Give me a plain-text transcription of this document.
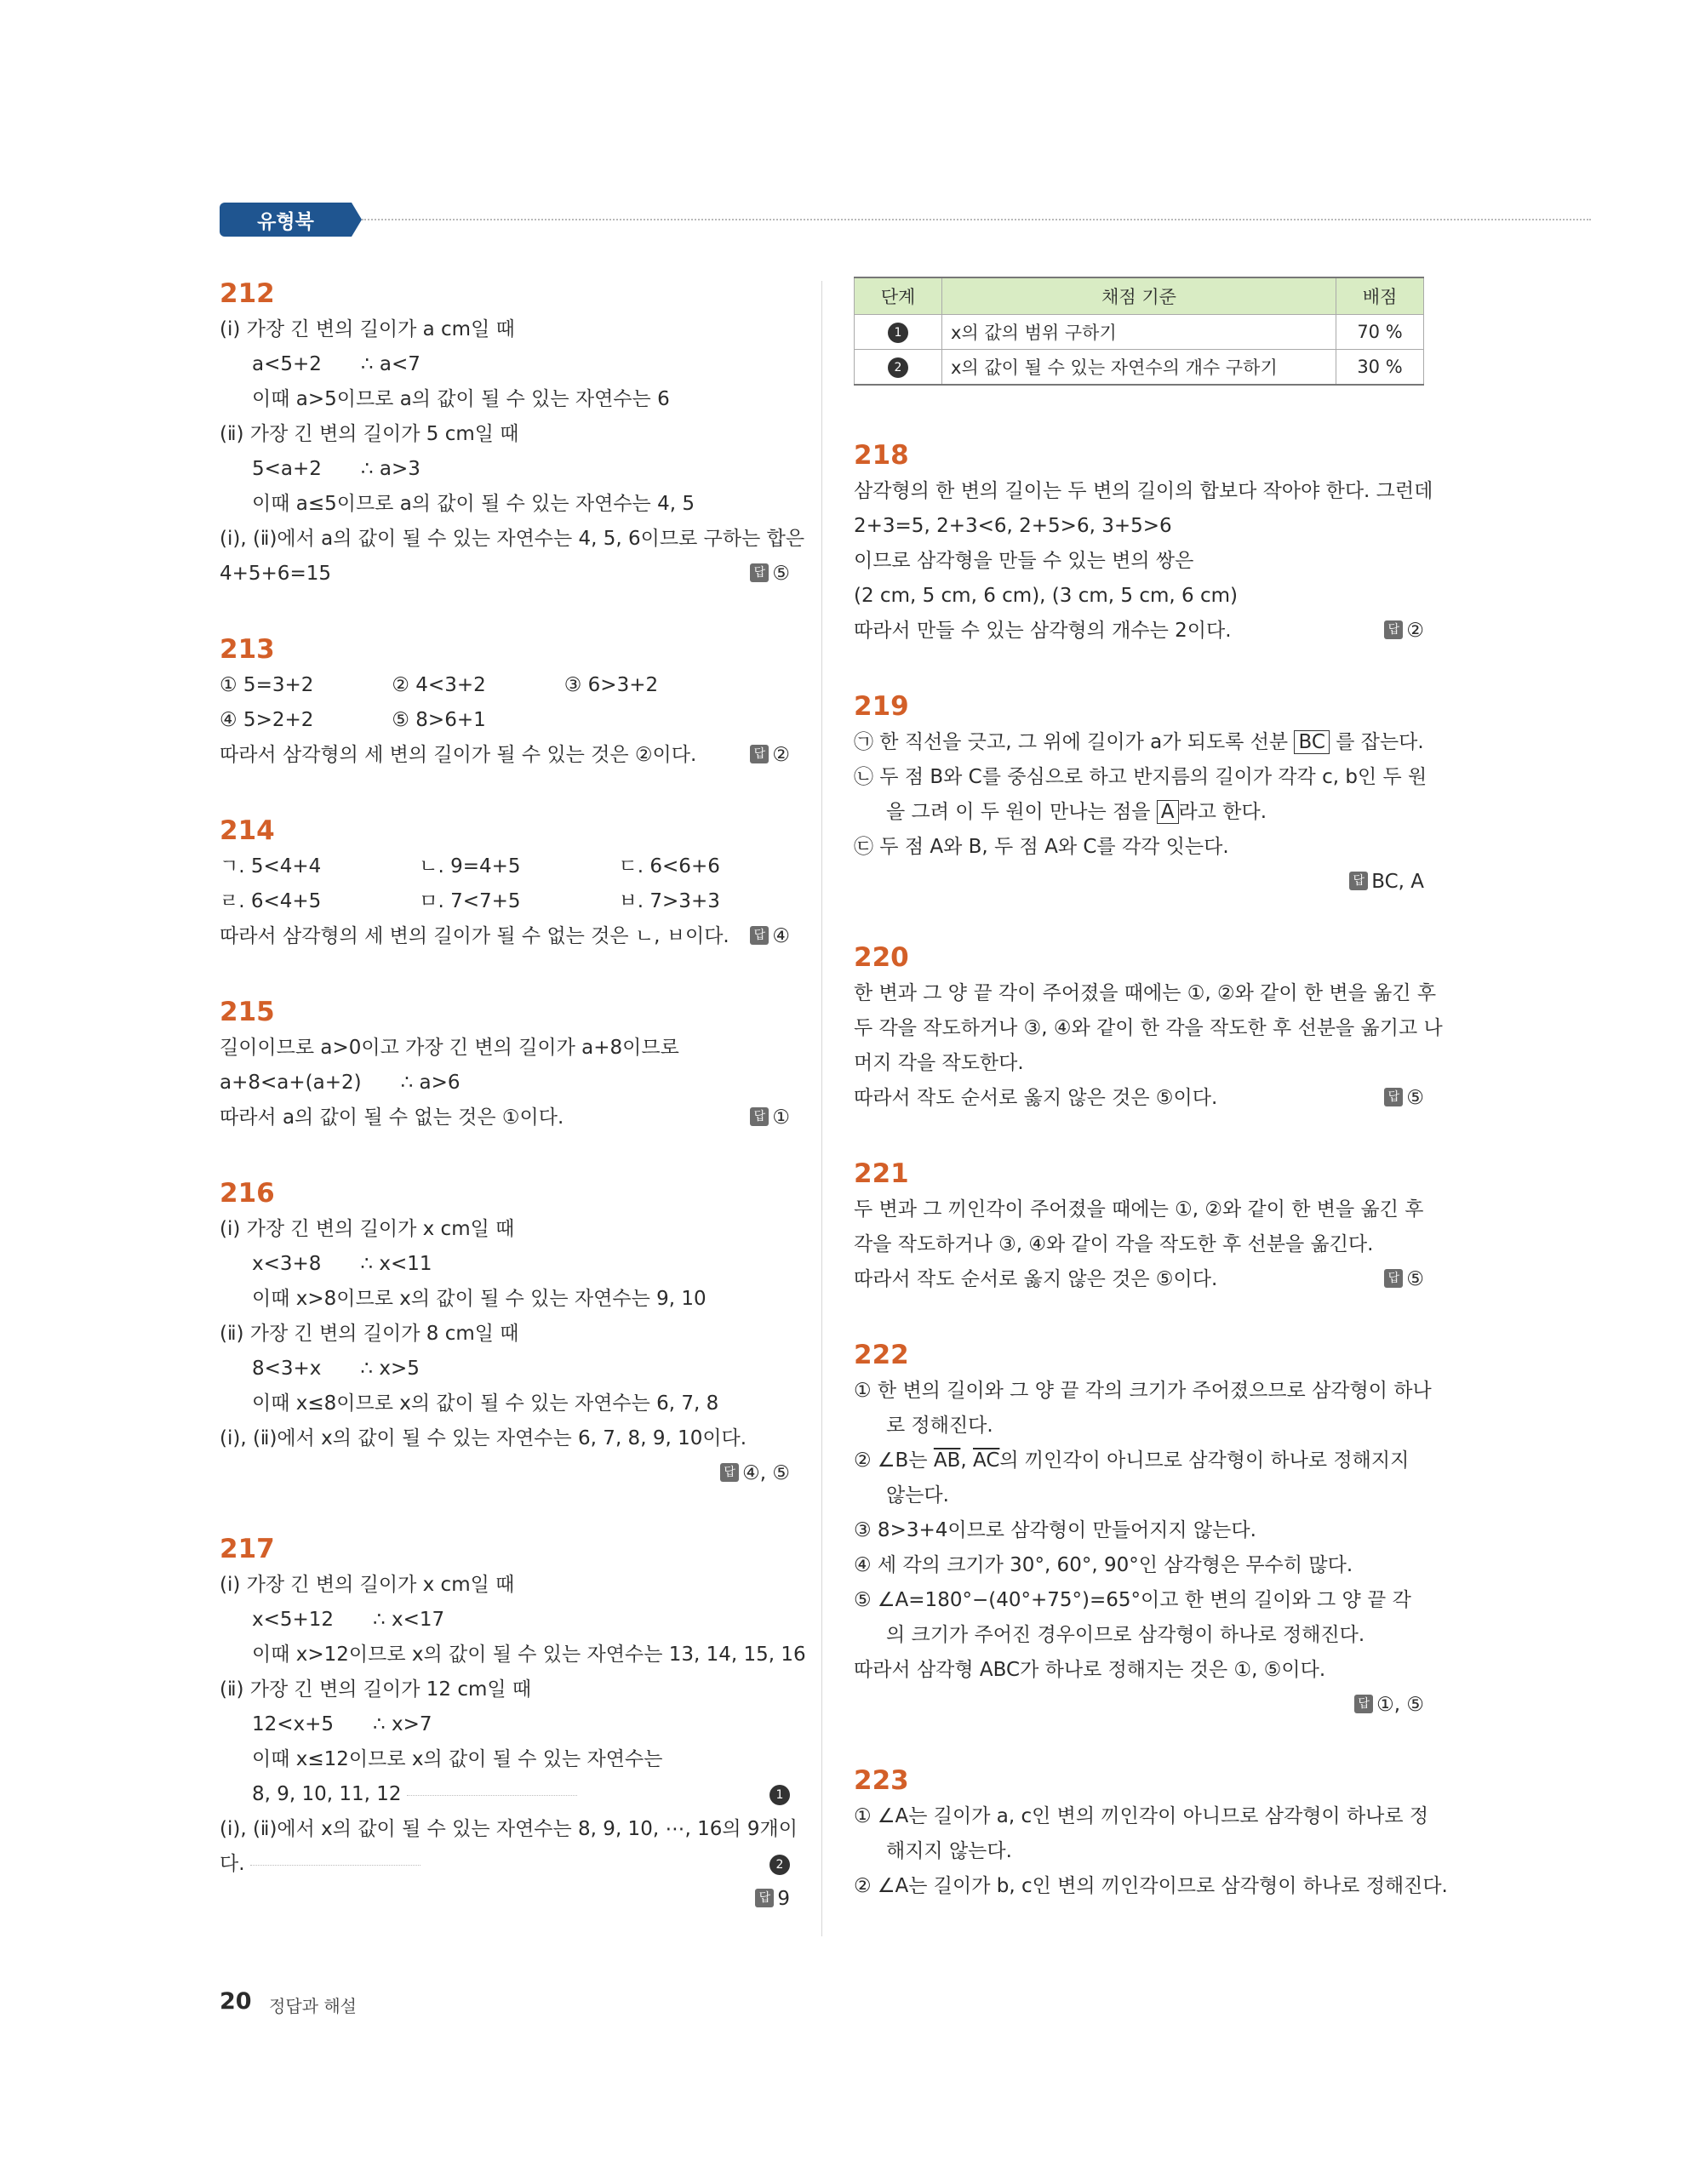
유형북
212
(ⅰ) 가장 긴 변의 길이가 a cm일 때
a<5+2　　∴ a<7
이때 a>5이므로 a의 값이 될 수 있는 자연수는 6
(ⅱ) 가장 긴 변의 길이가 5 cm일 때
5<a+2　　∴ a>3
이때 a≤5이므로 a의 값이 될 수 있는 자연수는 4, 5
(ⅰ), (ⅱ)에서 a의 값이 될 수 있는 자연수는 4, 5, 6이므로 구하는 합은
4+5+6=15	답 ⑤
213
① 5=3+2　　　　② 4<3+2　　　　③ 6>3+2
④ 5>2+2　　　　⑤ 8>6+1
따라서 삼각형의 세 변의 길이가 될 수 있는 것은 ②이다.	답 ②
214
ㄱ. 5<4+4　　　　　ㄴ. 9=4+5　　　　　ㄷ. 6<6+6
ㄹ. 6<4+5　　　　　ㅁ. 7<7+5　　　　　ㅂ. 7>3+3
따라서 삼각형의 세 변의 길이가 될 수 없는 것은 ㄴ, ㅂ이다.	답 ④
215
길이이므로 a>0이고 가장 긴 변의 길이가 a+8이므로
a+8<a+(a+2)　　∴ a>6
따라서 a의 값이 될 수 없는 것은 ①이다.	답 ①
216
(ⅰ) 가장 긴 변의 길이가 x cm일 때
x<3+8　　∴ x<11
이때 x>8이므로 x의 값이 될 수 있는 자연수는 9, 10
(ⅱ) 가장 긴 변의 길이가 8 cm일 때
8<3+x　　∴ x>5
이때 x≤8이므로 x의 값이 될 수 있는 자연수는 6, 7, 8
(ⅰ), (ⅱ)에서 x의 값이 될 수 있는 자연수는 6, 7, 8, 9, 10이다.
답 ④, ⑤
217
(ⅰ) 가장 긴 변의 길이가 x cm일 때
x<5+12　　∴ x<17
이때 x>12이므로 x의 값이 될 수 있는 자연수는 13, 14, 15, 16
(ⅱ) 가장 긴 변의 길이가 12 cm일 때
12<x+5　　∴ x>7
이때 x≤12이므로 x의 값이 될 수 있는 자연수는
8, 9, 10, 11, 12	1
(ⅰ), (ⅱ)에서 x의 값이 될 수 있는 자연수는 8, 9, 10, ⋯, 16의 9개이
다.	2
답 9
단계	채점 기준	배점
1	x의 값의 범위 구하기	70 %
2	x의 값이 될 수 있는 자연수의 개수 구하기	30 %
218
삼각형의 한 변의 길이는 두 변의 길이의 합보다 작아야 한다. 그런데
2+3=5, 2+3<6, 2+5>6, 3+5>6
이므로 삼각형을 만들 수 있는 변의 쌍은
(2 cm, 5 cm, 6 cm), (3 cm, 5 cm, 6 cm)
따라서 만들 수 있는 삼각형의 개수는 2이다.	답 ②
219
㉠ 한 직선을 긋고, 그 위에 길이가 a가 되도록 선분 BC 를 잡는다.
㉡ 두 점 B와 C를 중심으로 하고 반지름의 길이가 각각 c, b인 두 원
을 그려 이 두 원이 만나는 점을 A 라고 한다.
㉢ 두 점 A와 B, 두 점 A와 C를 각각 잇는다.
답 BC, A
220
한 변과 그 양 끝 각이 주어졌을 때에는 ①, ②와 같이 한 변을 옮긴 후
두 각을 작도하거나 ③, ④와 같이 한 각을 작도한 후 선분을 옮기고 나
머지 각을 작도한다.
따라서 작도 순서로 옳지 않은 것은 ⑤이다.	답 ⑤
221
두 변과 그 끼인각이 주어졌을 때에는 ①, ②와 같이 한 변을 옮긴 후
각을 작도하거나 ③, ④와 같이 각을 작도한 후 선분을 옮긴다.
따라서 작도 순서로 옳지 않은 것은 ⑤이다.	답 ⑤
222
① 한 변의 길이와 그 양 끝 각의 크기가 주어졌으므로 삼각형이 하나
로 정해진다.
② ∠B는 $\overline{AB}$, $\overline{AC}$의 끼인각이 아니므로 삼각형이 하나로 정해지지
않는다.
③ 8>3+4이므로 삼각형이 만들어지지 않는다.
④ 세 각의 크기가 30°, 60°, 90°인 삼각형은 무수히 많다.
⑤ ∠A=180°−(40°+75°)=65°이고 한 변의 길이와 그 양 끝 각
의 크기가 주어진 경우이므로 삼각형이 하나로 정해진다.
따라서 삼각형 ABC가 하나로 정해지는 것은 ①, ⑤이다.
답 ①, ⑤
223
① ∠A는 길이가 a, c인 변의 끼인각이 아니므로 삼각형이 하나로 정
해지지 않는다.
② ∠A는 길이가 b, c인 변의 끼인각이므로 삼각형이 하나로 정해진다.
20 정답과 해설
